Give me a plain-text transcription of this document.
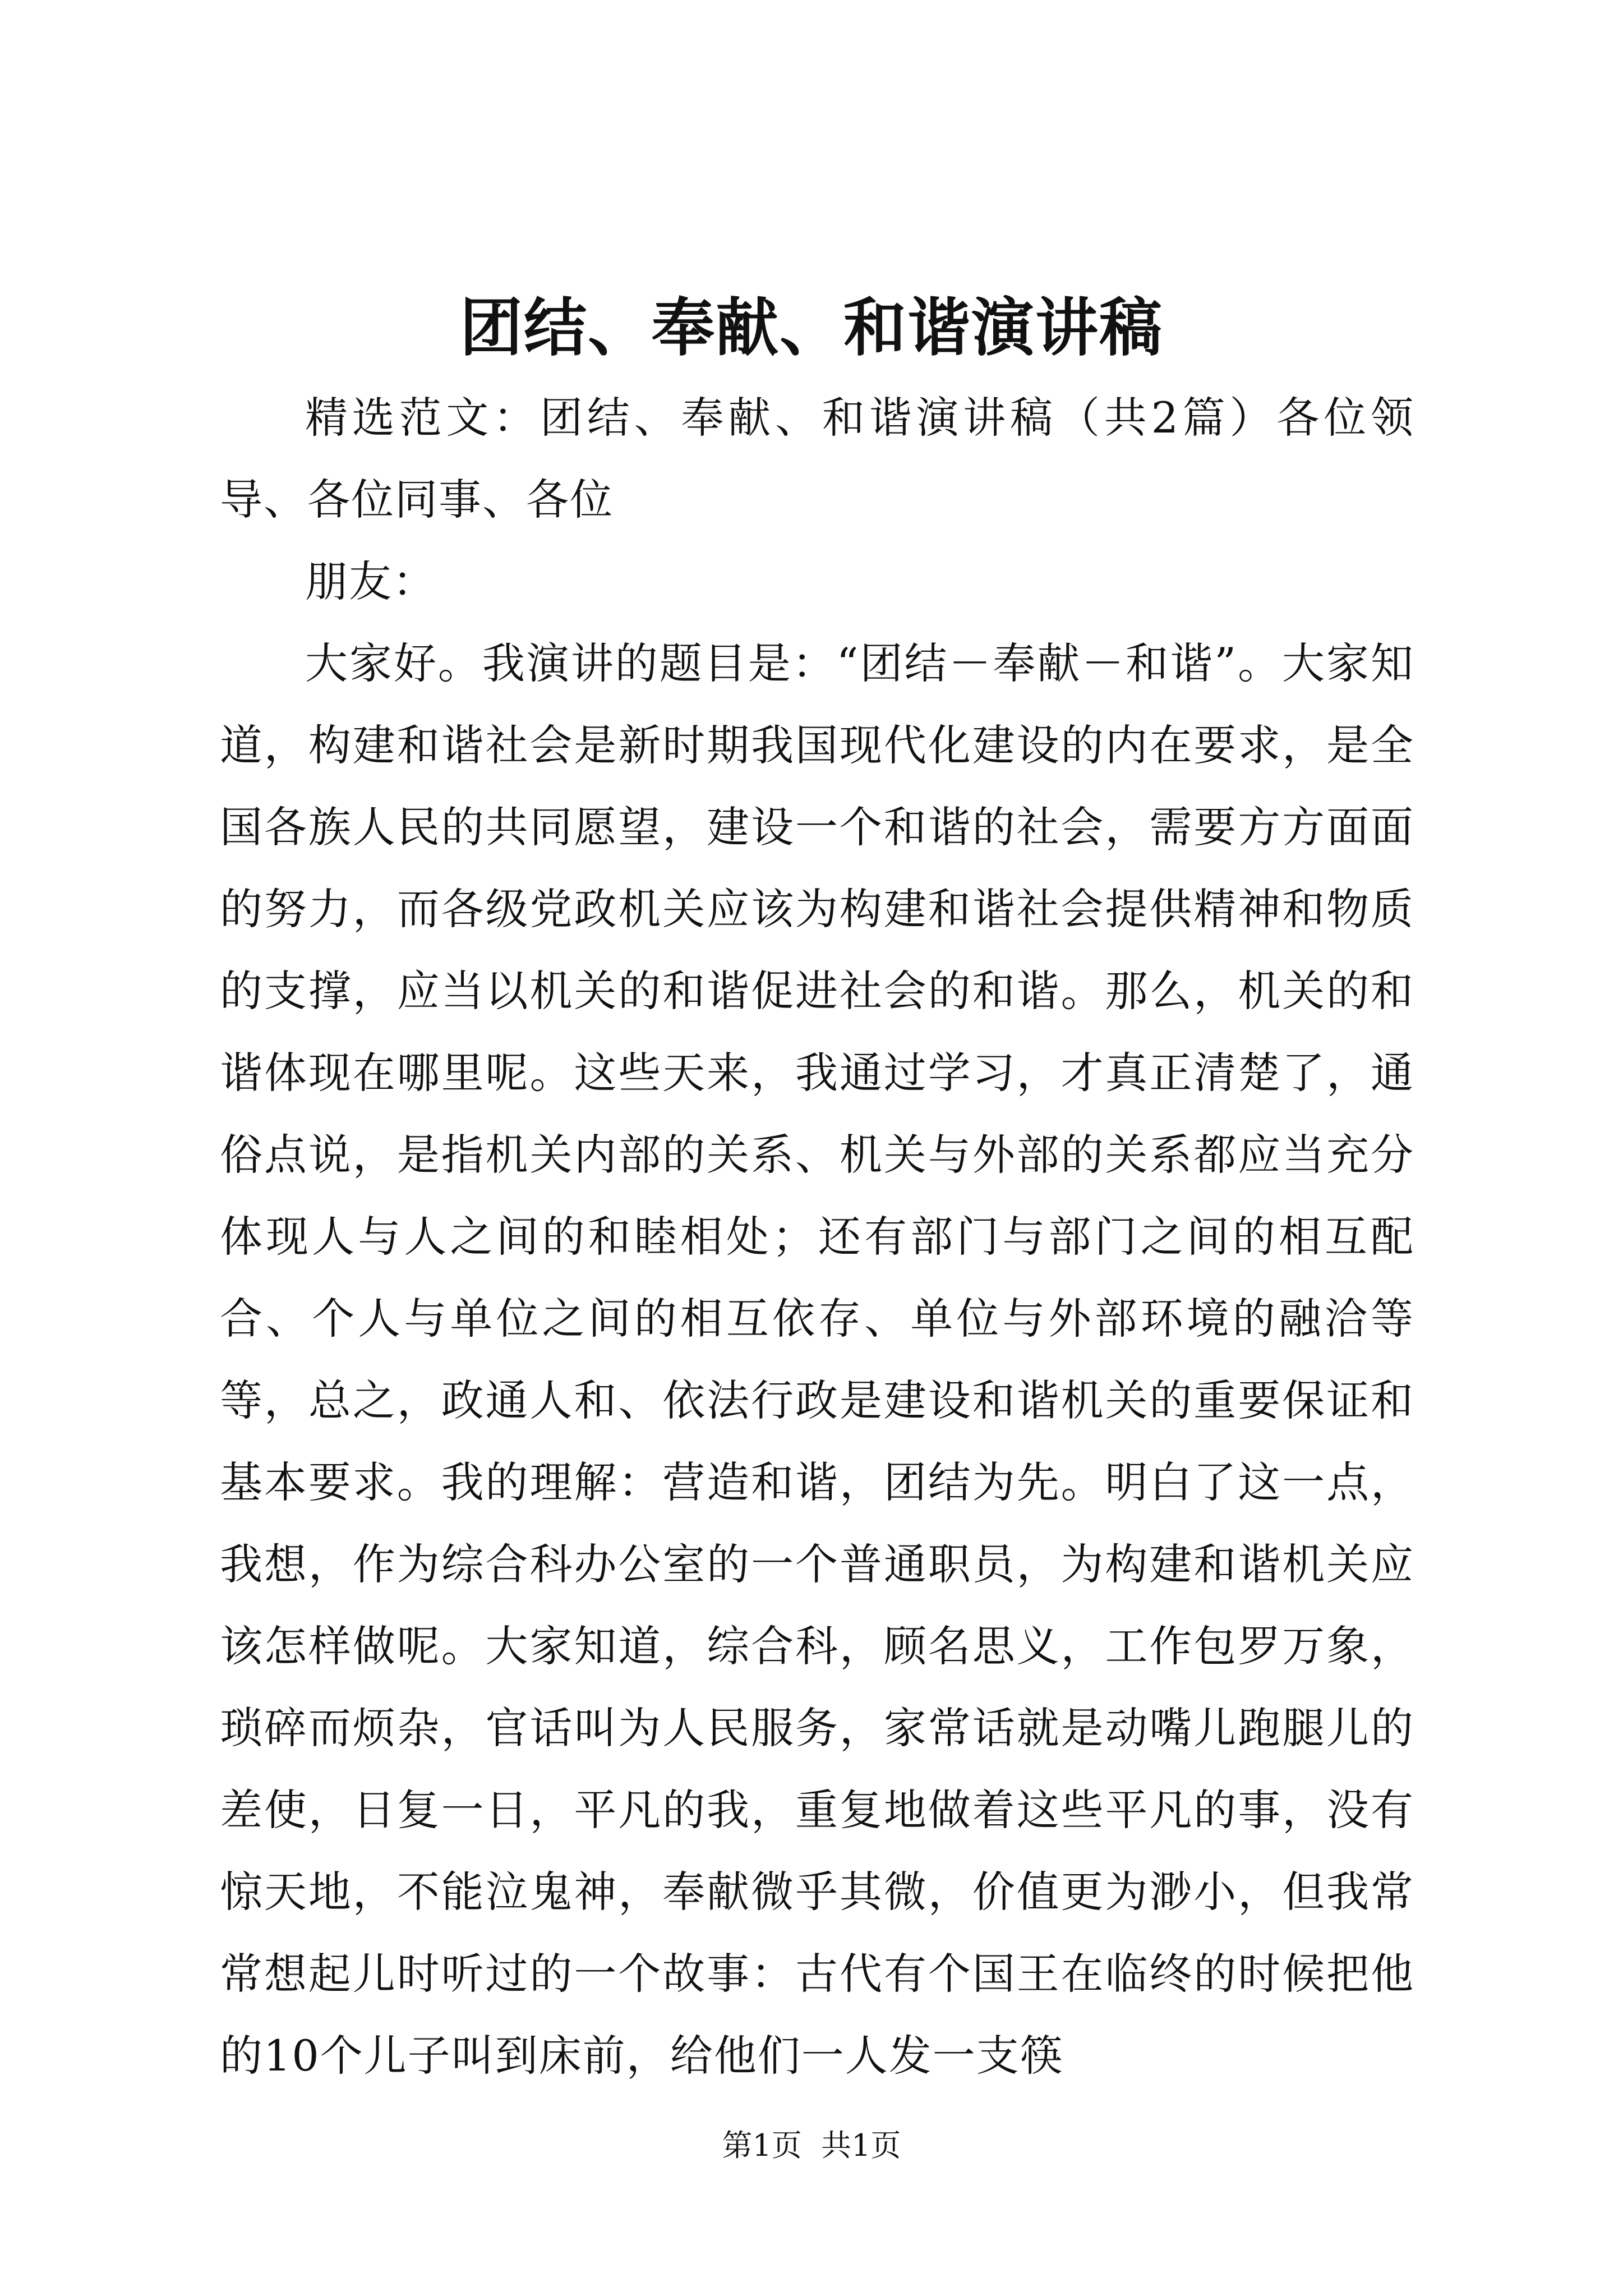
团结、奉献、和谐演讲稿

精选范文：团结、奉献、和谐演讲稿（共2篇）各位领导、各位同事、各位

朋友：

大家好。我演讲的题目是：“团结－奉献－和谐”。大家知道，构建和谐社会是新时期我国现代化建设的内在要求，是全国各族人民的共同愿望，建设一个和谐的社会，需要方方面面的努力，而各级党政机关应该为构建和谐社会提供精神和物质的支撑，应当以机关的和谐促进社会的和谐。那么，机关的和谐体现在哪里呢。这些天来，我通过学习，才真正清楚了，通俗点说，是指机关内部的关系、机关与外部的关系都应当充分体现人与人之间的和睦相处；还有部门与部门之间的相互配合、个人与单位之间的相互依存、单位与外部环境的融洽等等，总之，政通人和、依法行政是建设和谐机关的重要保证和基本要求。我的理解：营造和谐，团结为先。明白了这一点，我想，作为综合科办公室的一个普通职员，为构建和谐机关应该怎样做呢。大家知道，综合科，顾名思义，工作包罗万象，琐碎而烦杂，官话叫为人民服务，家常话就是动嘴儿跑腿儿的差使，日复一日，平凡的我，重复地做着这些平凡的事，没有惊天地，不能泣鬼神，奉献微乎其微，价值更为渺小，但我常常想起儿时听过的一个故事：古代有个国王在临终的时候把他的10个儿子叫到床前，给他们一人发一支筷

第1页 共1页
